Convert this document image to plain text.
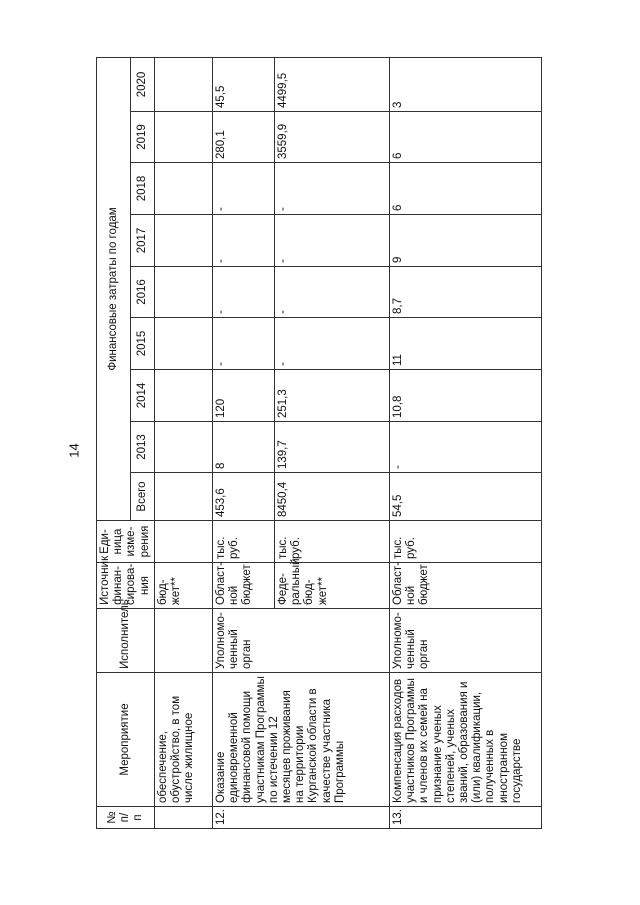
14
№ п/п	Мероприятие	Исполнитель	Источник финан-сирова-ния	Еди-ница изме-рения	Финансовые затраты по годам								
					Всего	2013	2014	2015	2016	2017	2018	2019	2020
	обеспечение, обустройство, в том числе жилищное		бюд-жет**										
12.	Оказание единовременной финансовой помощи участникам Программы по истечении 12 месяцев проживания на территории Курганской области в качестве участника Программы	Уполномо-ченный орган	Област-ной бюджет	тыс. руб.	453,6	8	120	-	-	-	-	280,1	45,5
			Феде-ральный бюд-жет**	тыс. руб.	8450,4	139,7	251,3	-	-	-	-	3559,9	4499,5
13.	Компенсация расходов участников Программы и членов их семей на признание ученых степеней, ученых званий, образования и (или) квалификации, полученных в иностранном государстве	Уполномо-ченный орган	Област-ной бюджет	тыс. руб.	54,5	-	10,8	11	8,7	9	6	6	3
